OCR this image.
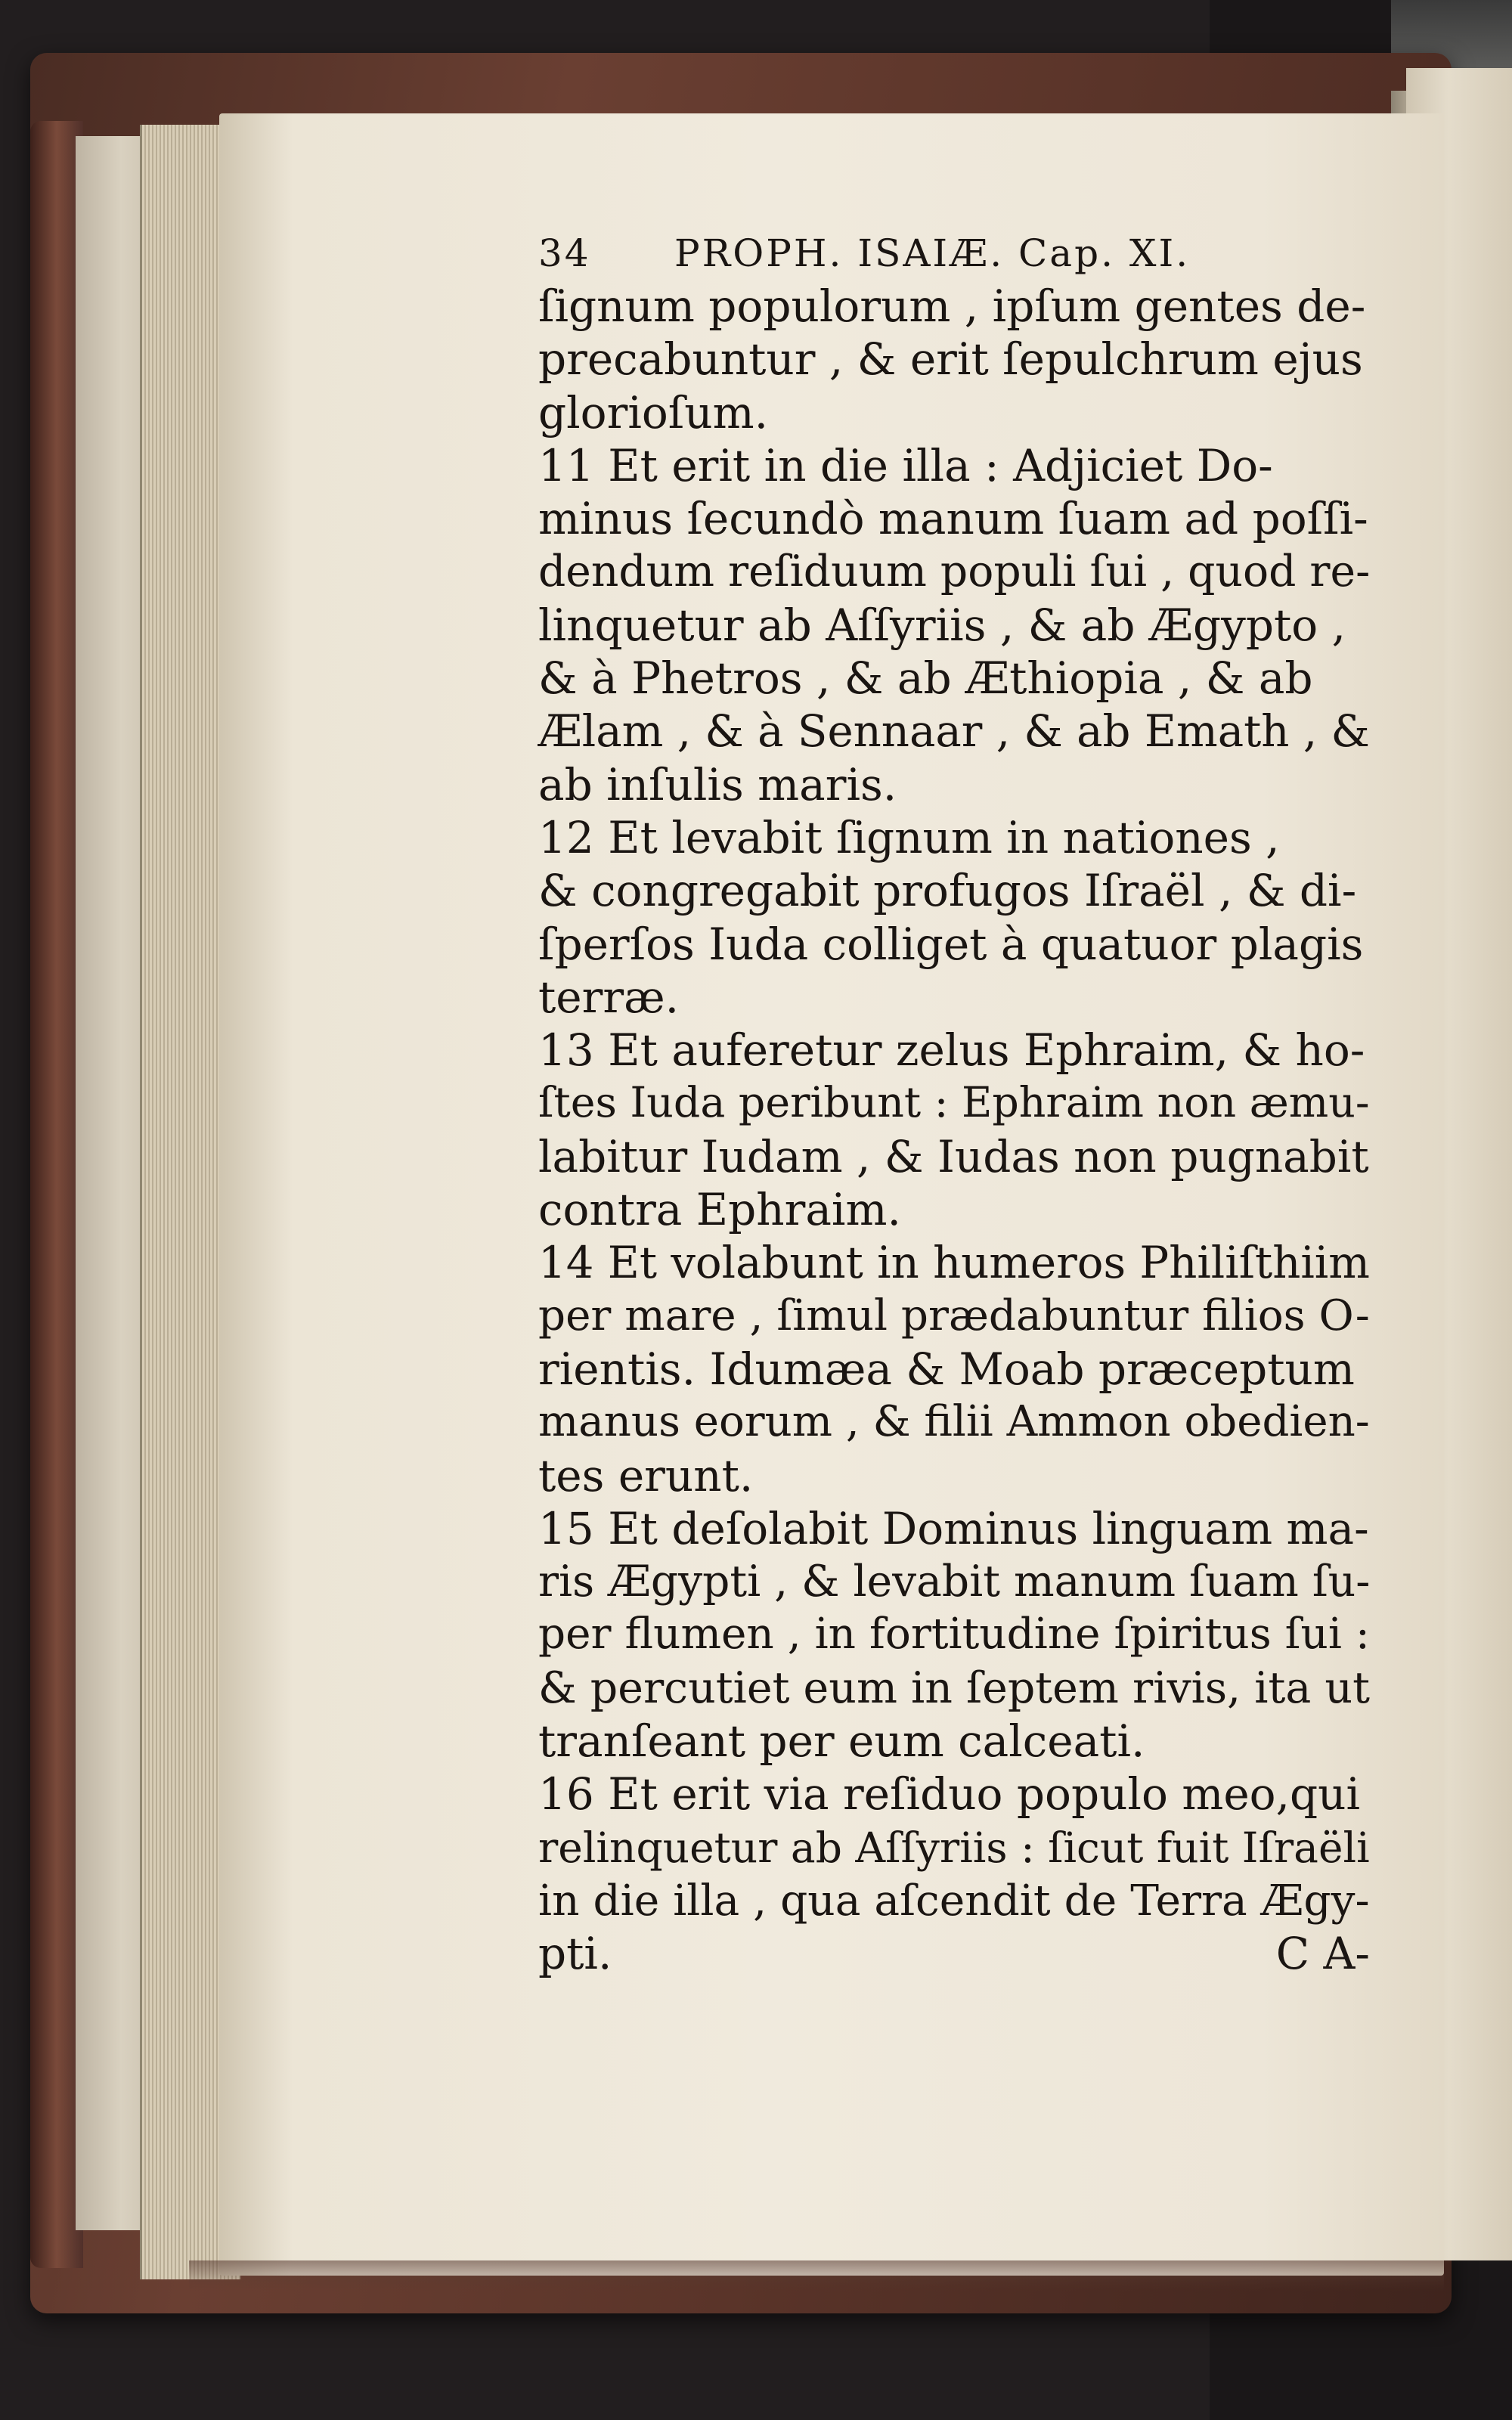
34 PROPH. ISAIÆ. Cap. XI.
ſignum populorum , ipſum gentes de-
precabuntur , & erit ſepulchrum ejus
glorioſum.
11 Et erit in die illa : Adjiciet Do-
minus ſecundò manum ſuam ad poſſi-
dendum reſiduum populi ſui , quod re-
linquetur ab Aſſyriis , & ab Ægypto ,
& à Phetros , & ab Æthiopia , & ab
Ælam , & à Sennaar , & ab Emath , &
ab inſulis maris.
12 Et levabit ſignum in nationes ,
& congregabit profugos Iſraël , & di-
ſperſos Iuda colliget à quatuor plagis
terræ.
13 Et auferetur zelus Ephraim, & ho-
ſtes Iuda peribunt : Ephraim non æmu-
labitur Iudam , & Iudas non pugnabit
contra Ephraim.
14 Et volabunt in humeros Philiſthiim
per mare , ſimul prædabuntur filios O-
rientis. Idumæa & Moab præceptum
manus eorum , & filii Ammon obedien-
tes erunt.
15 Et deſolabit Dominus linguam ma-
ris Ægypti , & levabit manum ſuam ſu-
per flumen , in fortitudine ſpiritus ſui :
& percutiet eum in ſeptem rivis, ita ut
tranſeant per eum calceati.
16 Et erit via reſiduo populo meo,qui
relinquetur ab Aſſyriis : ſicut fuit Iſraëli
in die illa , qua aſcendit de Terra Ægy-

pti.

	C A-
